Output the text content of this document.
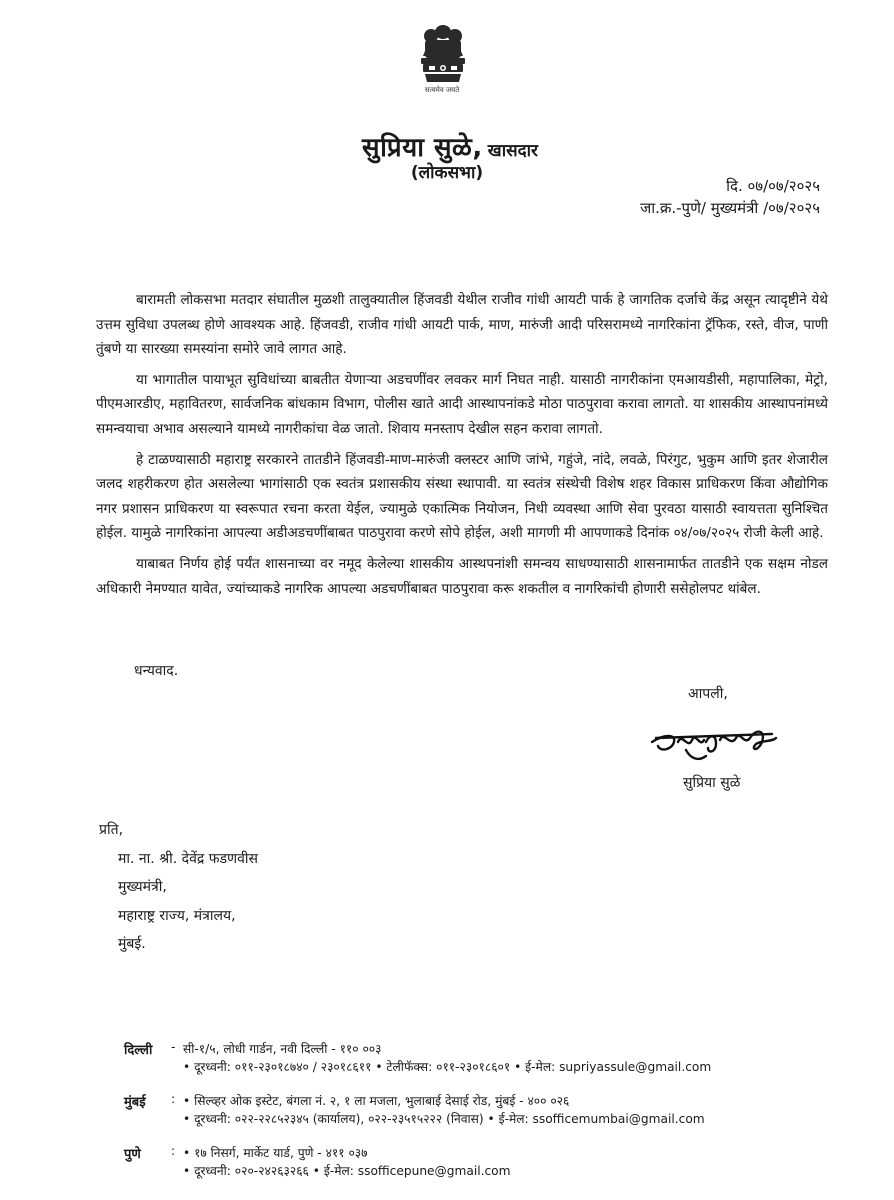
सत्यमेव जयते
सुप्रिया सुळे, खासदार
(लोकसभा)
दि. ०७/०७/२०२५
जा.क्र.-पुणे/ मुख्यमंत्री /०७/२०२५

बारामती लोकसभा मतदार संघातील मुळशी तालुक्यातील हिंजवडी येथील राजीव गांधी आयटी पार्क हे जागतिक दर्जाचे केंद्र असून त्यादृष्टीने येथे उत्तम सुविधा उपलब्ध होणे आवश्यक आहे. हिंजवडी, राजीव गांधी आयटी पार्क, माण, मारुंजी आदी परिसरामध्ये नागरिकांना ट्रॅफिक, रस्ते, वीज, पाणी तुंबणे या सारख्या समस्यांना समोरे जावे लागत आहे.

या भागातील पायाभूत सुविधांच्या बाबतीत येणाऱ्या अडचणींवर लवकर मार्ग निघत नाही. यासाठी नागरीकांना एमआयडीसी, महापालिका, मेट्रो, पीएमआरडीए, महावितरण, सार्वजनिक बांधकाम विभाग, पोलीस खाते आदी आस्थापनांकडे मोठा पाठपुरावा करावा लागतो. या शासकीय आस्थापनांमध्ये समन्वयाचा अभाव असल्याने यामध्ये नागरीकांचा वेळ जातो. शिवाय मनस्ताप देखील सहन करावा लागतो.

हे टाळण्यासाठी महाराष्ट्र सरकारने तातडीने हिंजवडी-माण-मारुंजी क्लस्टर आणि जांभे, गहुंजे, नांदे, लवळे, पिरंगुट, भुकुम आणि इतर शेजारील जलद शहरीकरण होत असलेल्या भागांसाठी एक स्वतंत्र प्रशासकीय संस्था स्थापावी. या स्वतंत्र संस्थेची विशेष शहर विकास प्राधिकरण किंवा औद्योगिक नगर प्रशासन प्राधिकरण या स्वरूपात रचना करता येईल, ज्यामुळे एकात्मिक नियोजन, निधी व्यवस्था आणि सेवा पुरवठा यासाठी स्वायत्तता सुनिश्चित होईल. यामुळे नागरिकांना आपल्या अडीअडचणींबाबत पाठपुरावा करणे सोपे होईल, अशी मागणी मी आपणाकडे दिनांक ०४/०७/२०२५ रोजी केली आहे.

याबाबत निर्णय होई पर्यंत शासनाच्या वर नमूद केलेल्या शासकीय आस्थपनांशी समन्वय साधण्यासाठी शासनामार्फत तातडीने एक सक्षम नोडल अधिकारी नेमण्यात यावेत, ज्यांच्याकडे नागरिक आपल्या अडचणींबाबत पाठपुरावा करू शकतील व नागरिकांची होणारी ससेहोलपट थांबेल.

धन्यवाद.
आपली,
सुप्रिया सुळे
प्रति,
मा. ना. श्री. देवेंद्र फडणवीस
मुख्यमंत्री,
महाराष्ट्र राज्य, मंत्रालय,
मुंबई.
दिल्ली	- सी-१/५, लोधी गार्डन, नवी दिल्ली - ११० ००३
• दूरध्वनी: ०११-२३०१८७४० / २३०१८६११ • टेलीफॅक्स: ०११-२३०१८६०१ • ई-मेल: supriyassule@gmail.com
मुंबई	: • सिल्व्हर ओक इस्टेट, बंगला नं. २, १ ला मजला, भुलाबाई देसाई रोड, मुंबई - ४०० ०२६
• दूरध्वनी: ०२२-२२८५२३४५ (कार्यालय), ०२२-२३५१५२२२ (निवास) • ई-मेल: ssofficemumbai@gmail.com
पुणे	: • १७ निसर्ग, मार्केट यार्ड, पुणे - ४११ ०३७
• दूरध्वनी: ०२०-२४२६३२६६ • ई-मेल: ssofficepune@gmail.com
